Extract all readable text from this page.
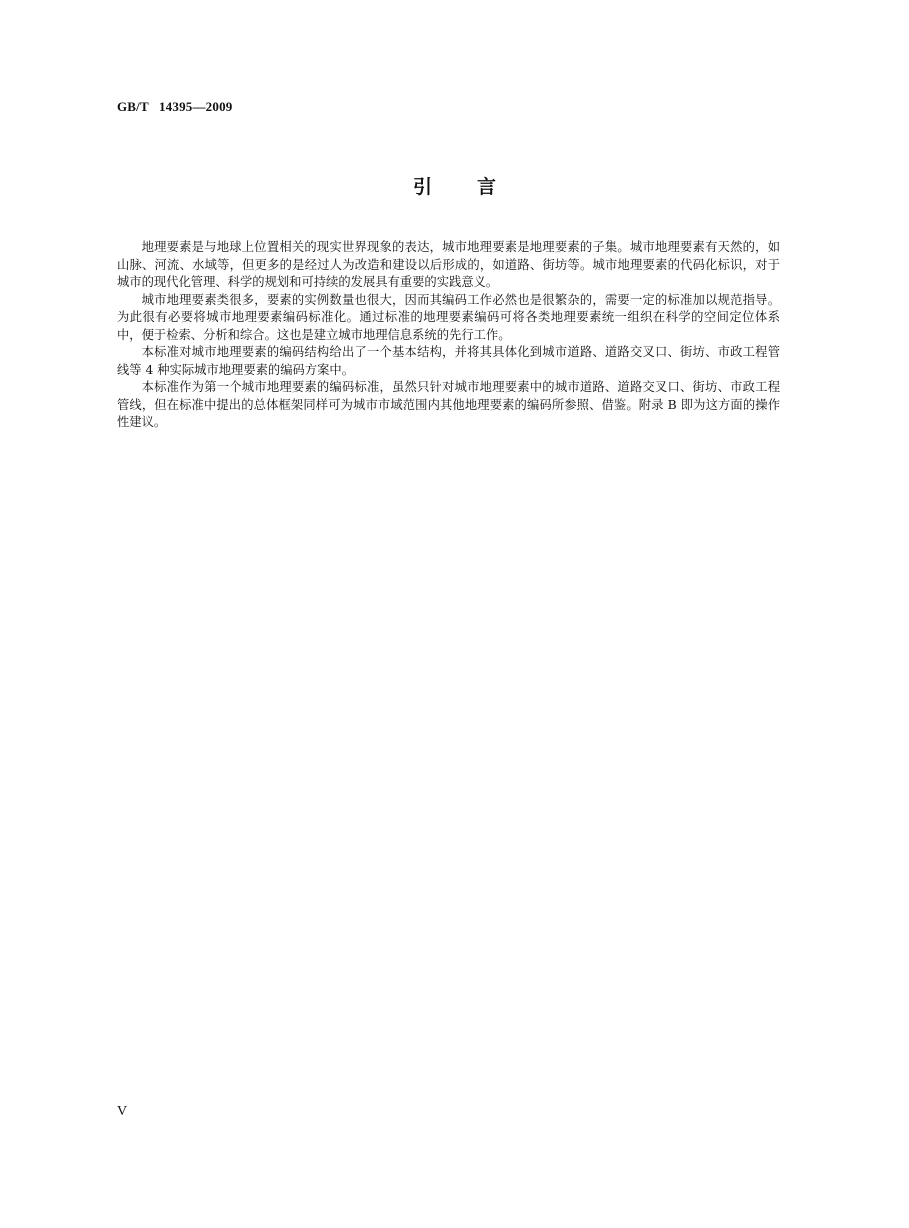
GB/T   14395—2009
引言

地理要素是与地球上位置相关的现实世界现象的表达，城市地理要素是地理要素的子集。城市地理要素有天然的，如山脉、河流、水域等，但更多的是经过人为改造和建设以后形成的，如道路、街坊等。城市地理要素的代码化标识，对于城市的现代化管理、科学的规划和可持续的发展具有重要的实践意义。

城市地理要素类很多，要素的实例数量也很大，因而其编码工作必然也是很繁杂的，需要一定的标准加以规范指导。为此很有必要将城市地理要素编码标准化。通过标准的地理要素编码可将各类地理要素统一组织在科学的空间定位体系中，便于检索、分析和综合。这也是建立城市地理信息系统的先行工作。

本标准对城市地理要素的编码结构给出了一个基本结构，并将其具体化到城市道路、道路交叉口、街坊、市政工程管线等 4 种实际城市地理要素的编码方案中。

本标准作为第一个城市地理要素的编码标准，虽然只针对城市地理要素中的城市道路、道路交叉口、街坊、市政工程管线，但在标准中提出的总体框架同样可为城市市域范围内其他地理要素的编码所参照、借鉴。附录 B 即为这方面的操作性建议。

V
